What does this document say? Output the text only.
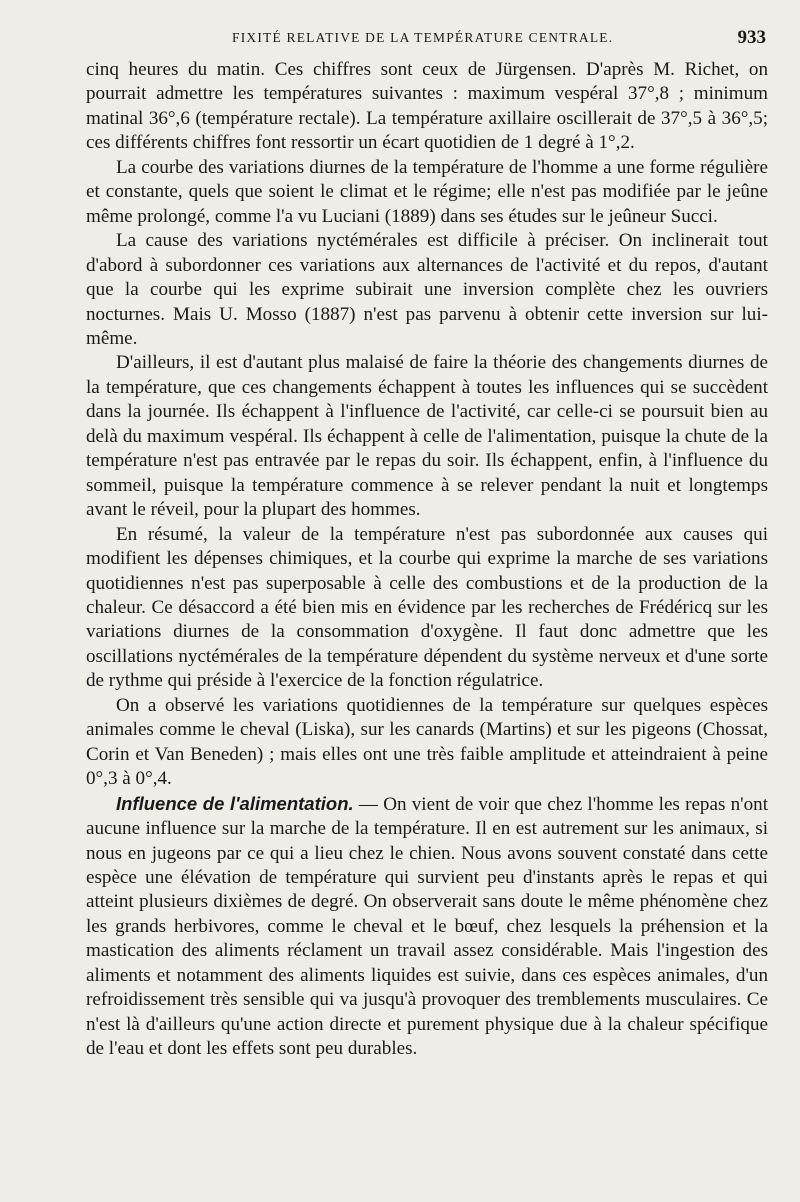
FIXITÉ RELATIVE DE LA TEMPÉRATURE CENTRALE.	933

cinq heures du matin. Ces chiffres sont ceux de Jürgensen. D'après M. Richet, on pourrait admettre les températures suivantes : maximum vespéral 37°,8 ; minimum matinal 36°,6 (température rectale). La température axillaire oscillerait de 37°,5 à 36°,5; ces différents chiffres font ressortir un écart quotidien de 1 degré à 1°,2.

La courbe des variations diurnes de la température de l'homme a une forme régulière et constante, quels que soient le climat et le régime; elle n'est pas modifiée par le jeûne même prolongé, comme l'a vu Luciani (1889) dans ses études sur le jeûneur Succi.

La cause des variations nyctémérales est difficile à préciser. On inclinerait tout d'abord à subordonner ces variations aux alternances de l'activité et du repos, d'autant que la courbe qui les exprime subirait une inversion complète chez les ouvriers nocturnes. Mais U. Mosso (1887) n'est pas parvenu à obtenir cette inversion sur lui-même.

D'ailleurs, il est d'autant plus malaisé de faire la théorie des changements diurnes de la température, que ces changements échappent à toutes les influences qui se succèdent dans la journée. Ils échappent à l'influence de l'activité, car celle-ci se poursuit bien au delà du maximum vespéral. Ils échappent à celle de l'alimentation, puisque la chute de la température n'est pas entravée par le repas du soir. Ils échappent, enfin, à l'influence du sommeil, puisque la température commence à se relever pendant la nuit et longtemps avant le réveil, pour la plupart des hommes.

En résumé, la valeur de la température n'est pas subordonnée aux causes qui modifient les dépenses chimiques, et la courbe qui exprime la marche de ses variations quotidiennes n'est pas superposable à celle des combustions et de la production de la chaleur. Ce désaccord a été bien mis en évidence par les recherches de Frédéricq sur les variations diurnes de la consommation d'oxygène. Il faut donc admettre que les oscillations nyctémérales de la température dépendent du système nerveux et d'une sorte de rythme qui préside à l'exercice de la fonction régulatrice.

On a observé les variations quotidiennes de la température sur quelques espèces animales comme le cheval (Liska), sur les canards (Martins) et sur les pigeons (Chossat, Corin et Van Beneden) ; mais elles ont une très faible amplitude et atteindraient à peine 0°,3 à 0°,4.

Influence de l'alimentation. — On vient de voir que chez l'homme les repas n'ont aucune influence sur la marche de la température. Il en est autrement sur les animaux, si nous en jugeons par ce qui a lieu chez le chien. Nous avons souvent constaté dans cette espèce une élévation de température qui survient peu d'instants après le repas et qui atteint plusieurs dixièmes de degré. On observerait sans doute le même phénomène chez les grands herbivores, comme le cheval et le bœuf, chez lesquels la préhension et la mastication des aliments réclament un travail assez considérable. Mais l'ingestion des aliments et notamment des aliments liquides est suivie, dans ces espèces animales, d'un refroidissement très sensible qui va jusqu'à provoquer des tremblements musculaires. Ce n'est là d'ailleurs qu'une action directe et purement physique due à la chaleur spécifique de l'eau et dont les effets sont peu durables.
